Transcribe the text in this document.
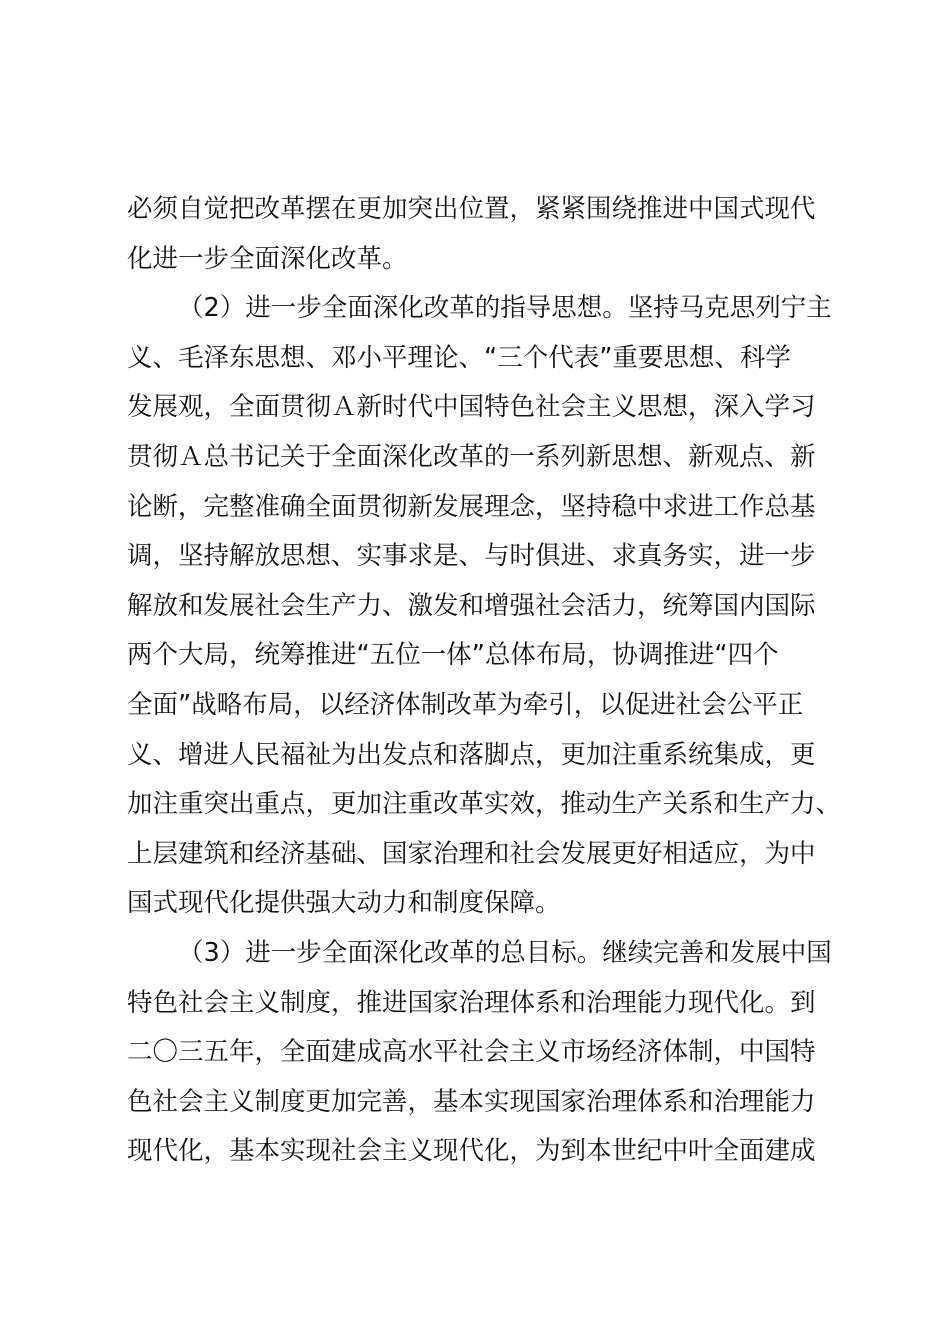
必须自觉把改革摆在更加突出位置，紧紧围绕推进中国式现代
化进一步全面深化改革。
（2）进一步全面深化改革的指导思想。坚持马克思列宁主
义、毛泽东思想、邓小平理论、“三个代表”重要思想、科学
发展观，全面贯彻Ａ新时代中国特色社会主义思想，深入学习
贯彻Ａ总书记关于全面深化改革的一系列新思想、新观点、新
论断，完整准确全面贯彻新发展理念，坚持稳中求进工作总基
调，坚持解放思想、实事求是、与时俱进、求真务实，进一步
解放和发展社会生产力、激发和增强社会活力，统筹国内国际
两个大局，统筹推进“五位一体”总体布局，协调推进“四个
全面”战略布局，以经济体制改革为牵引，以促进社会公平正
义、增进人民福祉为出发点和落脚点，更加注重系统集成，更
加注重突出重点，更加注重改革实效，推动生产关系和生产力、
上层建筑和经济基础、国家治理和社会发展更好相适应，为中
国式现代化提供强大动力和制度保障。
（3）进一步全面深化改革的总目标。继续完善和发展中国
特色社会主义制度，推进国家治理体系和治理能力现代化。到
二〇三五年，全面建成高水平社会主义市场经济体制，中国特
色社会主义制度更加完善，基本实现国家治理体系和治理能力
现代化，基本实现社会主义现代化，为到本世纪中叶全面建成
